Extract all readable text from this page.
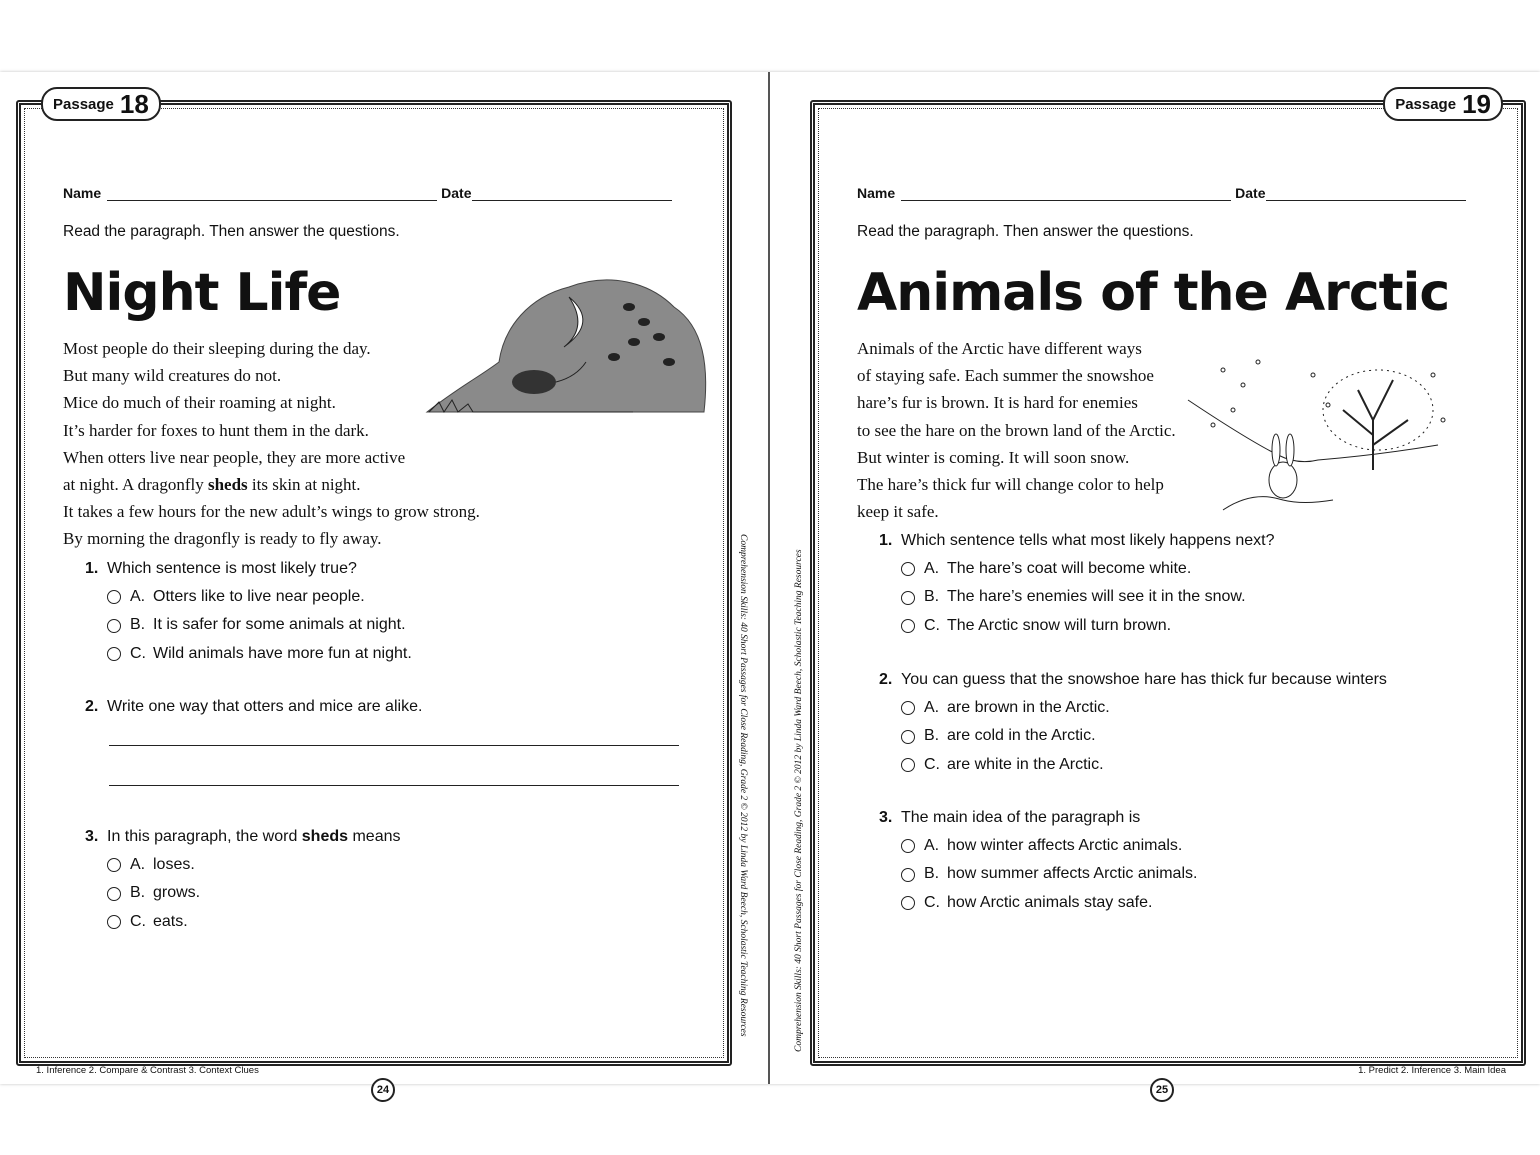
Passage 18
Name	Date
Read the paragraph. Then answer the questions.
Night Life
Most people do their sleeping during the day.
But many wild creatures do not.
Mice do much of their roaming at night.
It’s harder for foxes to hunt them in the dark.
When otters live near people, they are more active
at night. A dragonfly sheds its skin at night.
It takes a few hours for the new adult’s wings to grow strong.
By morning the dragonfly is ready to fly away.
1. Which sentence is most likely true?
A. Otters like to live near people.
B. It is safer for some animals at night.
C. Wild animals have more fun at night.
2. Write one way that otters and mice are alike.
3. In this paragraph, the word sheds means
A. loses.
B. grows.
C. eats.
1. Inference 2. Compare & Contrast 3. Context Clues
24
Comprehension Skills: 40 Short Passages for Close Reading, Grade 2 © 2012 by Linda Ward Beech, Scholastic Teaching Resources	Comprehension Skills: 40 Short Passages for Close Reading, Grade 2 © 2012 by Linda Ward Beech, Scholastic Teaching Resources
Passage 19
Name	Date
Read the paragraph. Then answer the questions.
Animals of the Arctic
Animals of the Arctic have different ways
of staying safe. Each summer the snowshoe
hare’s fur is brown. It is hard for enemies
to see the hare on the brown land of the Arctic.
But winter is coming. It will soon snow.
The hare’s thick fur will change color to help
keep it safe.
1. Which sentence tells what most likely happens next?
A. The hare’s coat will become white.
B. The hare’s enemies will see it in the snow.
C. The Arctic snow will turn brown.
2. You can guess that the snowshoe hare has thick fur because winters
A. are brown in the Arctic.
B. are cold in the Arctic.
C. are white in the Arctic.
3. The main idea of the paragraph is
A. how winter affects Arctic animals.
B. how summer affects Arctic animals.
C. how Arctic animals stay safe.
1. Predict 2. Inference 3. Main Idea
25
